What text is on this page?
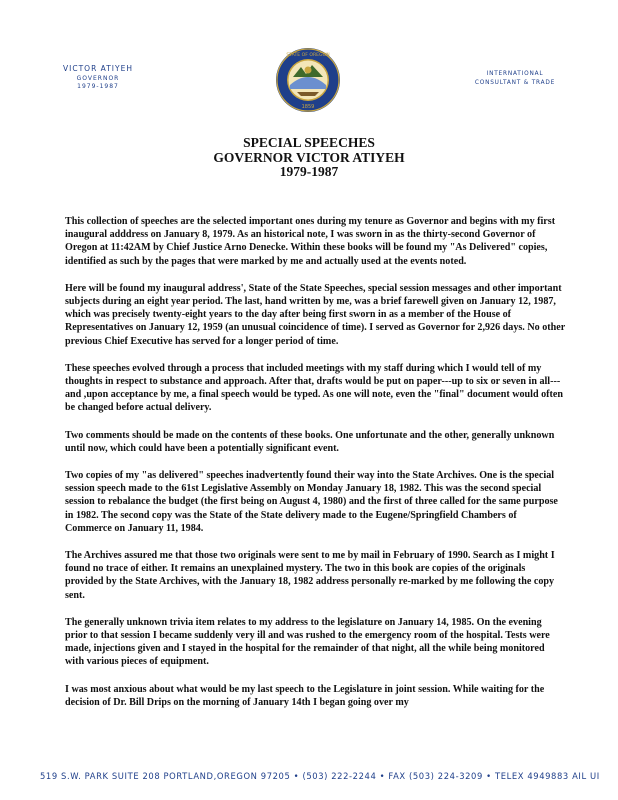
VICTOR ATIYEH
GOVERNOR
1979-1987
STATE OF OREGON
1859
INTERNATIONAL
CONSULTANT & TRADE
SPECIAL SPEECHES
GOVERNOR VICTOR ATIYEH
1979-1987

This collection of speeches are the selected important ones during my tenure as Governor and begins with my first inaugural adddress on January 8, 1979. As an historical note, I was sworn in as the thirty-second Governor of Oregon at 11:42AM by Chief Justice Arno Denecke. Within these books will be found my "As Delivered" copies, identified as such by the pages that were marked by me and actually used at the events noted.

Here will be found my inaugural address', State of the State Speeches, special session messages and other important subjects during an eight year period. The last, hand written by me, was a brief farewell given on January 12, 1987, which was precisely twenty-eight years to the day after being first sworn in as a member of the House of Representatives on January 12, 1959 (an unusual coincidence of time). I served as Governor for 2,926 days. No other previous Chief Executive has served for a longer period of time.

These speeches evolved through a process that included meetings with my staff during which I would tell of my thoughts in respect to substance and approach. After that, drafts would be put on paper---up to six or seven in all---and ,upon acceptance by me, a final speech would be typed. As one will note, even the "final" document would often be changed before actual delivery.

Two comments should be made on the contents of these books. One unfortunate and the other, generally unknown until now, which could have been a potentially significant event.

Two copies of my "as delivered" speeches inadvertently found their way into the State Archives. One is the special session speech made to the 61st Legislative Assembly on Monday January 18, 1982. This was the second special session to rebalance the budget (the first being on August 4, 1980) and the first of three called for the same purpose in 1982. The second copy was the State of the State delivery made to the Eugene/Springfield Chambers of Commerce on January 11, 1984.

The Archives assured me that those two originals were sent to me by mail in February of 1990. Search as I might I found no trace of either. It remains an unexplained mystery. The two in this book are copies of the originals provided by the State Archives, with the January 18, 1982 address personally re-marked by me following the copy sent.

The generally unknown trivia item relates to my address to the legislature on January 14, 1985. On the evening prior to that session I became suddenly very ill and was rushed to the emergency room of the hospital. Tests were made, injections given and I stayed in the hospital for the remainder of that night, all the while being monitored with various pieces of equipment.

I was most anxious about what would be my last speech to the Legislature in joint session. While waiting for the decision of Dr. Bill Drips on the morning of January 14th I began going over my

519 S.W. PARK SUITE 208 PORTLAND,OREGON 97205 • (503) 222-2244 • FAX (503) 224-3209 • TELEX 4949883 AIL UI
